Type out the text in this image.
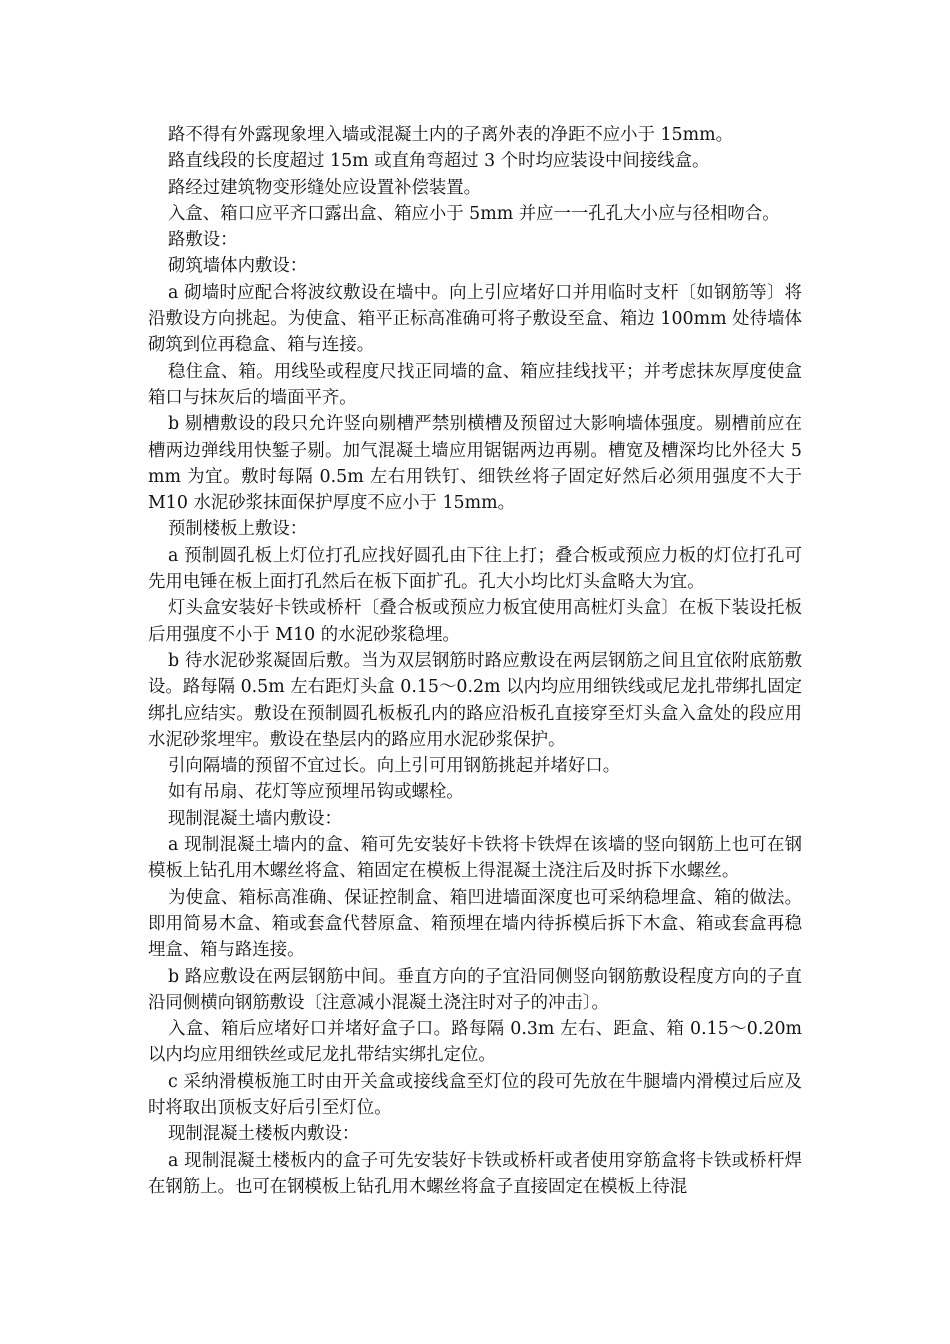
路不得有外露现象埋入墙或混凝土内的子离外表的净距不应小于 15mm。

路直线段的长度超过 15m 或直角弯超过 3 个时均应装设中间接线盒。

路经过建筑物变形缝处应设置补偿装置。

入盒、箱口应平齐口露出盒、箱应小于 5mm 并应一一孔孔大小应与径相吻合。

路敷设：

砌筑墙体内敷设：

a 砌墙时应配合将波纹敷设在墙中。向上引应堵好口并用临时支杆〔如钢筋等〕将沿敷设方向挑起。为使盒、箱平正标高准确可将子敷设至盒、箱边 100mm 处待墙体砌筑到位再稳盒、箱与连接。

稳住盒、箱。用线坠或程度尺找正同墙的盒、箱应挂线找平；并考虑抹灰厚度使盒箱口与抹灰后的墙面平齐。

b 剔槽敷设的段只允许竖向剔槽严禁别横槽及预留过大影响墙体强度。剔槽前应在槽两边弹线用快錾子剔。加气混凝土墙应用锯锯两边再剔。槽宽及槽深均比外径大 5mm 为宜。敷时每隔 0.5m 左右用铁钉、细铁丝将子固定好然后必须用强度不大于 M10 水泥砂浆抹面保护厚度不应小于 15mm。

预制楼板上敷设：

a 预制圆孔板上灯位打孔应找好圆孔由下往上打；叠合板或预应力板的灯位打孔可先用电锤在板上面打孔然后在板下面扩孔。孔大小均比灯头盒略大为宜。

灯头盒安装好卡铁或桥杆〔叠合板或预应力板宜使用高桩灯头盒〕在板下装设托板后用强度不小于 M10 的水泥砂浆稳埋。

b 待水泥砂浆凝固后敷。当为双层钢筋时路应敷设在两层钢筋之间且宜依附底筋敷设。路每隔 0.5m 左右距灯头盒 0.15～0.2m 以内均应用细铁线或尼龙扎带绑扎固定绑扎应结实。敷设在预制圆孔板板孔内的路应沿板孔直接穿至灯头盒入盒处的段应用水泥砂浆埋牢。敷设在垫层内的路应用水泥砂浆保护。

引向隔墙的预留不宜过长。向上引可用钢筋挑起并堵好口。

如有吊扇、花灯等应预埋吊钩或螺栓。

现制混凝土墙内敷设：

a 现制混凝土墙内的盒、箱可先安装好卡铁将卡铁焊在该墙的竖向钢筋上也可在钢模板上钻孔用木螺丝将盒、箱固定在模板上得混凝土浇注后及时拆下水螺丝。

为使盒、箱标高准确、保证控制盒、箱凹进墙面深度也可采纳稳埋盒、箱的做法。即用简易木盒、箱或套盒代替原盒、箱预埋在墙内待拆模后拆下木盒、箱或套盒再稳埋盒、箱与路连接。

b 路应敷设在两层钢筋中间。垂直方向的子宜沿同侧竖向钢筋敷设程度方向的子直沿同侧横向钢筋敷设〔注意减小混凝土浇注时对子的冲击〕。

入盒、箱后应堵好口并堵好盒子口。路每隔 0.3m 左右、距盒、箱 0.15～0.20m 以内均应用细铁丝或尼龙扎带结实绑扎定位。

c 采纳滑模板施工时由开关盒或接线盒至灯位的段可先放在牛腿墙内滑模过后应及时将取出顶板支好后引至灯位。

现制混凝土楼板内敷设：

a 现制混凝土楼板内的盒子可先安装好卡铁或桥杆或者使用穿筋盒将卡铁或桥杆焊在钢筋上。也可在钢模板上钻孔用木螺丝将盒子直接固定在模板上待混
